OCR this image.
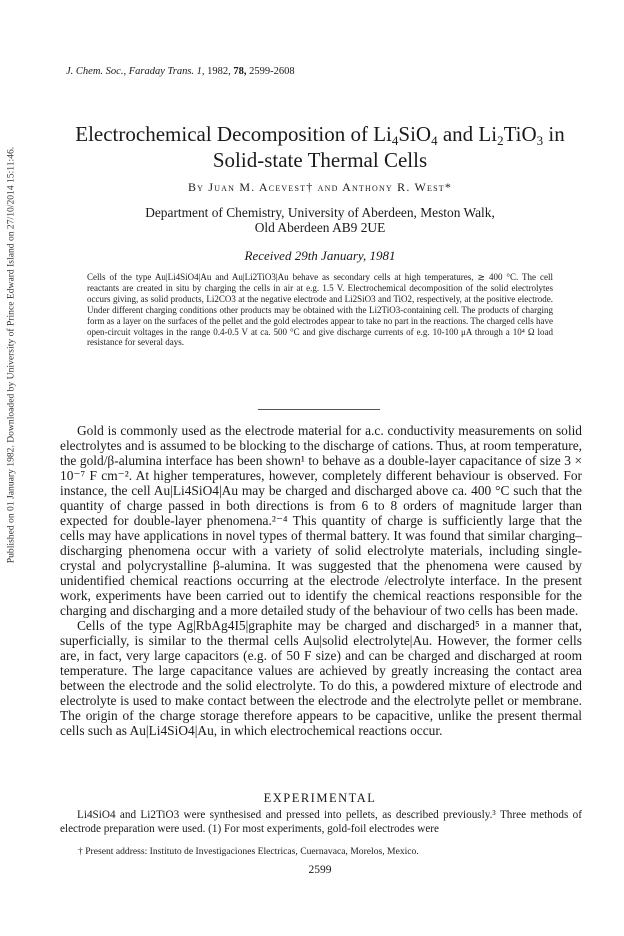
Published on 01 January 1982. Downloaded by University of Prince Edward Island on 27/10/2014 15:11:46.
J. Chem. Soc., Faraday Trans. 1, 1982, 78, 2599-2608
Electrochemical Decomposition of $Li_4SiO_4$ and $Li_2TiO_3$ in
Solid-state Thermal Cells
By Juan M. Acevest† and Anthony R. West*
Department of Chemistry, University of Aberdeen, Meston Walk,
Old Aberdeen AB9 2UE
Received 29th January, 1981

Cells of the type Au|Li4SiO4|Au and Au|Li2TiO3|Au behave as secondary cells at high temperatures, ≳ 400 °C. The cell reactants are created in situ by charging the cells in air at e.g. 1.5 V. Electrochemical decomposition of the solid electrolytes occurs giving, as solid products, Li2CO3 at the negative electrode and Li2SiO3 and TiO2, respectively, at the positive electrode. Under different charging conditions other products may be obtained with the Li2TiO3-containing cell. The products of charging form as a layer on the surfaces of the pellet and the gold electrodes appear to take no part in the reactions. The charged cells have open-circuit voltages in the range 0.4-0.5 V at ca. 500 °C and give discharge currents of e.g. 10-100 μA through a 10⁴ Ω load resistance for several days.

Gold is commonly used as the electrode material for a.c. conductivity measurements on solid electrolytes and is assumed to be blocking to the discharge of cations. Thus, at room temperature, the gold/β-alumina interface has been shown¹ to behave as a double-layer capacitance of size 3 × 10⁻⁷ F cm⁻². At higher temperatures, however, completely different behaviour is observed. For instance, the cell Au|Li4SiO4|Au may be charged and discharged above ca. 400 °C such that the quantity of charge passed in both directions is from 6 to 8 orders of magnitude larger than expected for double-layer phenomena.²⁻⁴ This quantity of charge is sufficiently large that the cells may have applications in novel types of thermal battery. It was found that similar charging–discharging phenomena occur with a variety of solid electrolyte materials, including single-crystal and polycrystalline β-alumina. It was suggested that the phenomena were caused by unidentified chemical reactions occurring at the electrode /electrolyte interface. In the present work, experiments have been carried out to identify the chemical reactions responsible for the charging and discharging and a more detailed study of the behaviour of two cells has been made.

Cells of the type Ag|RbAg4I5|graphite may be charged and discharged⁵ in a manner that, superficially, is similar to the thermal cells Au|solid electrolyte|Au. However, the former cells are, in fact, very large capacitors (e.g. of 50 F size) and can be charged and discharged at room temperature. The large capacitance values are achieved by greatly increasing the contact area between the electrode and the solid electrolyte. To do this, a powdered mixture of electrode and electrolyte is used to make contact between the electrode and the electrolyte pellet or membrane. The origin of the charge storage therefore appears to be capacitive, unlike the present thermal cells such as Au|Li4SiO4|Au, in which electrochemical reactions occur.

EXPERIMENTAL

Li4SiO4 and Li2TiO3 were synthesised and pressed into pellets, as described previously.³ Three methods of electrode preparation were used. (1) For most experiments, gold-foil electrodes were

† Present address: Instituto de Investigaciones Electricas, Cuernavaca, Morelos, Mexico.
2599
